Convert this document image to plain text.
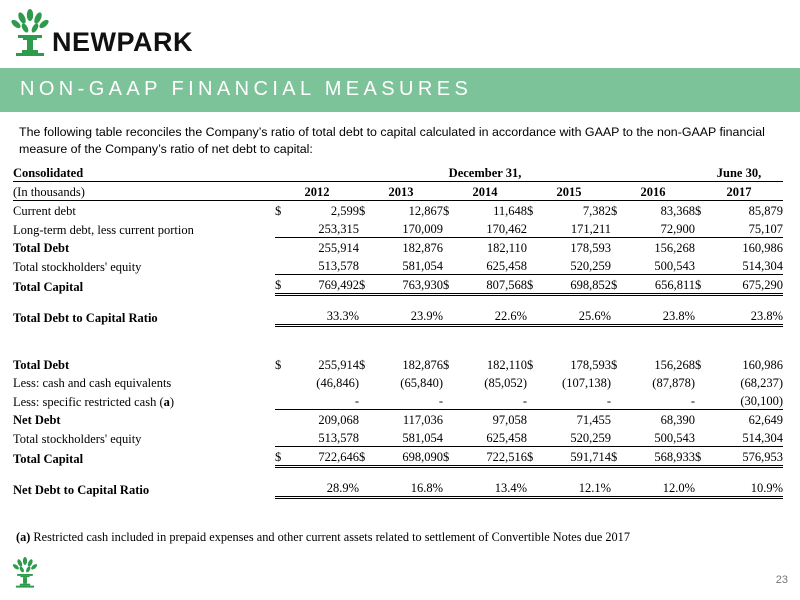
NEWPARK
NON-GAAP FINANCIAL MEASURES
The following table reconciles the Company’s ratio of total debt to capital calculated in accordance with GAAP to the non-GAAP financial measure of the Company’s ratio of net debt to capital:
Consolidated	December 31,										June 30,	
(In thousands)	2012		2013		2014		2015		2016		2017	
Current debt	$	2,599	$	12,867	$	11,648	$	7,382	$	83,368	$	85,879
Long-term debt, less current portion		253,315		170,009		170,462		171,211		72,900		75,107
Total Debt		255,914		182,876		182,110		178,593		156,268		160,986
Total stockholders' equity		513,578		581,054		625,458		520,259		500,543		514,304
Total Capital	$	769,492	$	763,930	$	807,568	$	698,852	$	656,811	$	675,290

Total Debt to Capital Ratio		33.3%		23.9%		22.6%		25.6%		23.8%		23.8%

Total Debt	$	255,914	$	182,876	$	182,110	$	178,593	$	156,268	$	160,986
Less: cash and cash equivalents		(46,846)		(65,840)		(85,052)		(107,138)		(87,878)		(68,237)
Less: specific restricted cash (a)		-		-		-		-		-		(30,100)
Net Debt		209,068		117,036		97,058		71,455		68,390		62,649
Total stockholders' equity		513,578		581,054		625,458		520,259		500,543		514,304
Total Capital	$	722,646	$	698,090	$	722,516	$	591,714	$	568,933	$	576,953

Net Debt to Capital Ratio		28.9%		16.8%		13.4%		12.1%		12.0%		10.9%
(a) Restricted cash included in prepaid expenses and other current assets related to settlement of Convertible Notes due 2017
23
